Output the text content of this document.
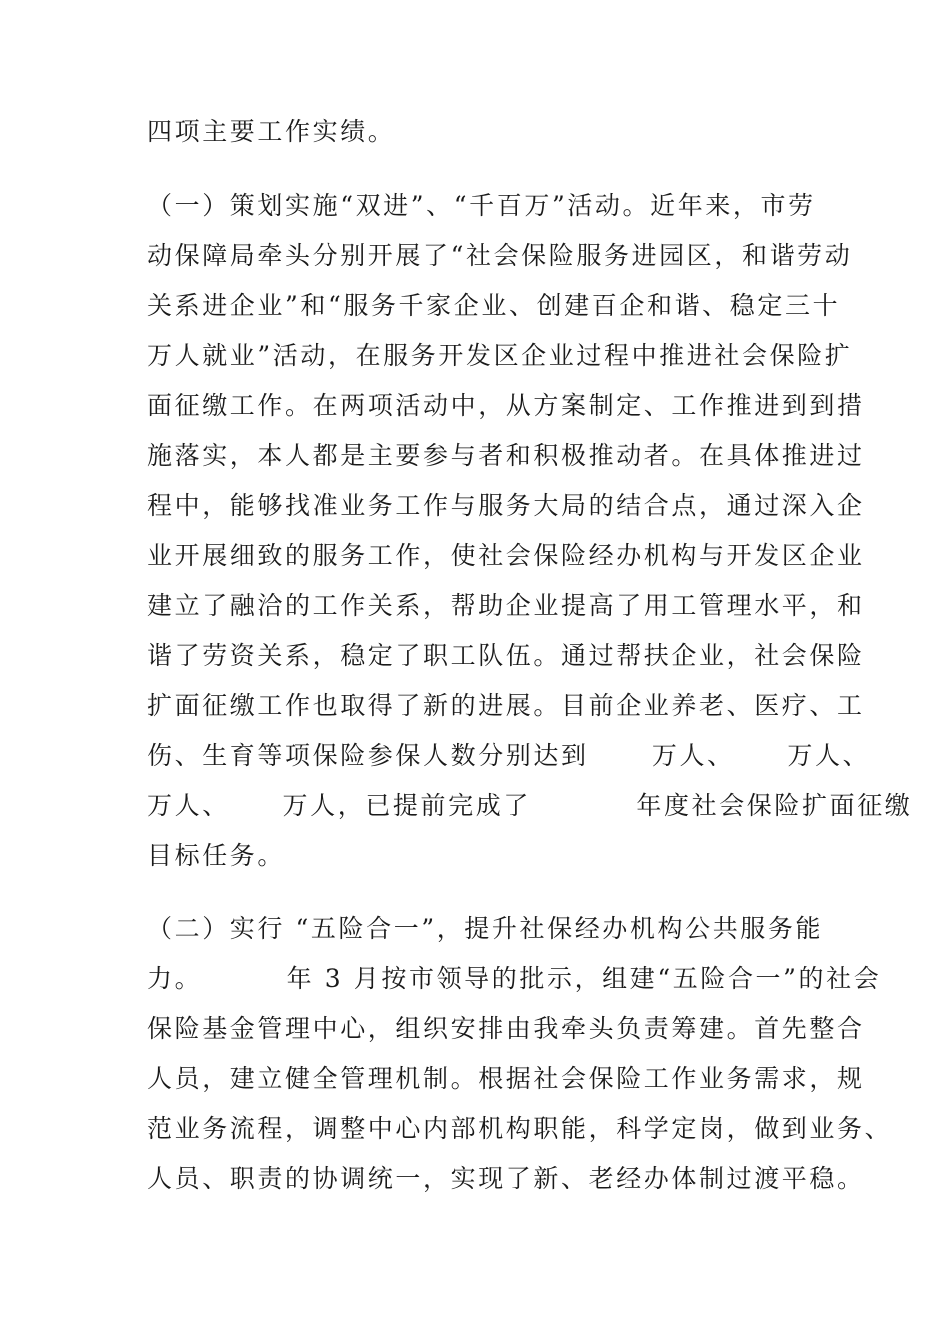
四项主要工作实绩。

（一）策划实施“双进”、“千百万”活动。近年来，市劳

动保障局牵头分别开展了“社会保险服务进园区，和谐劳动

关系进企业”和“服务千家企业、创建百企和谐、稳定三十

万人就业”活动，在服务开发区企业过程中推进社会保险扩

面征缴工作。在两项活动中，从方案制定、工作推进到到措

施落实，本人都是主要参与者和积极推动者。在具体推进过

程中，能够找准业务工作与服务大局的结合点，通过深入企

业开展细致的服务工作，使社会保险经办机构与开发区企业

建立了融洽的工作关系，帮助企业提高了用工管理水平，和

谐了劳资关系，稳定了职工队伍。通过帮扶企业，社会保险

扩面征缴工作也取得了新的进展。目前企业养老、医疗、工

伤、生育等项保险参保人数分别达到      万人、     万人、

万人、     万人，已提前完成了          年度社会保险扩面征缴

目标任务。

（二）实行 “五险合一”，提升社保经办机构公共服务能

力。        年 3 月按市领导的批示，组建“五险合一”的社会

保险基金管理中心，组织安排由我牵头负责筹建。首先整合

人员，建立健全管理机制。根据社会保险工作业务需求，规

范业务流程，调整中心内部机构职能，科学定岗，做到业务、

人员、职责的协调统一，实现了新、老经办体制过渡平稳。
